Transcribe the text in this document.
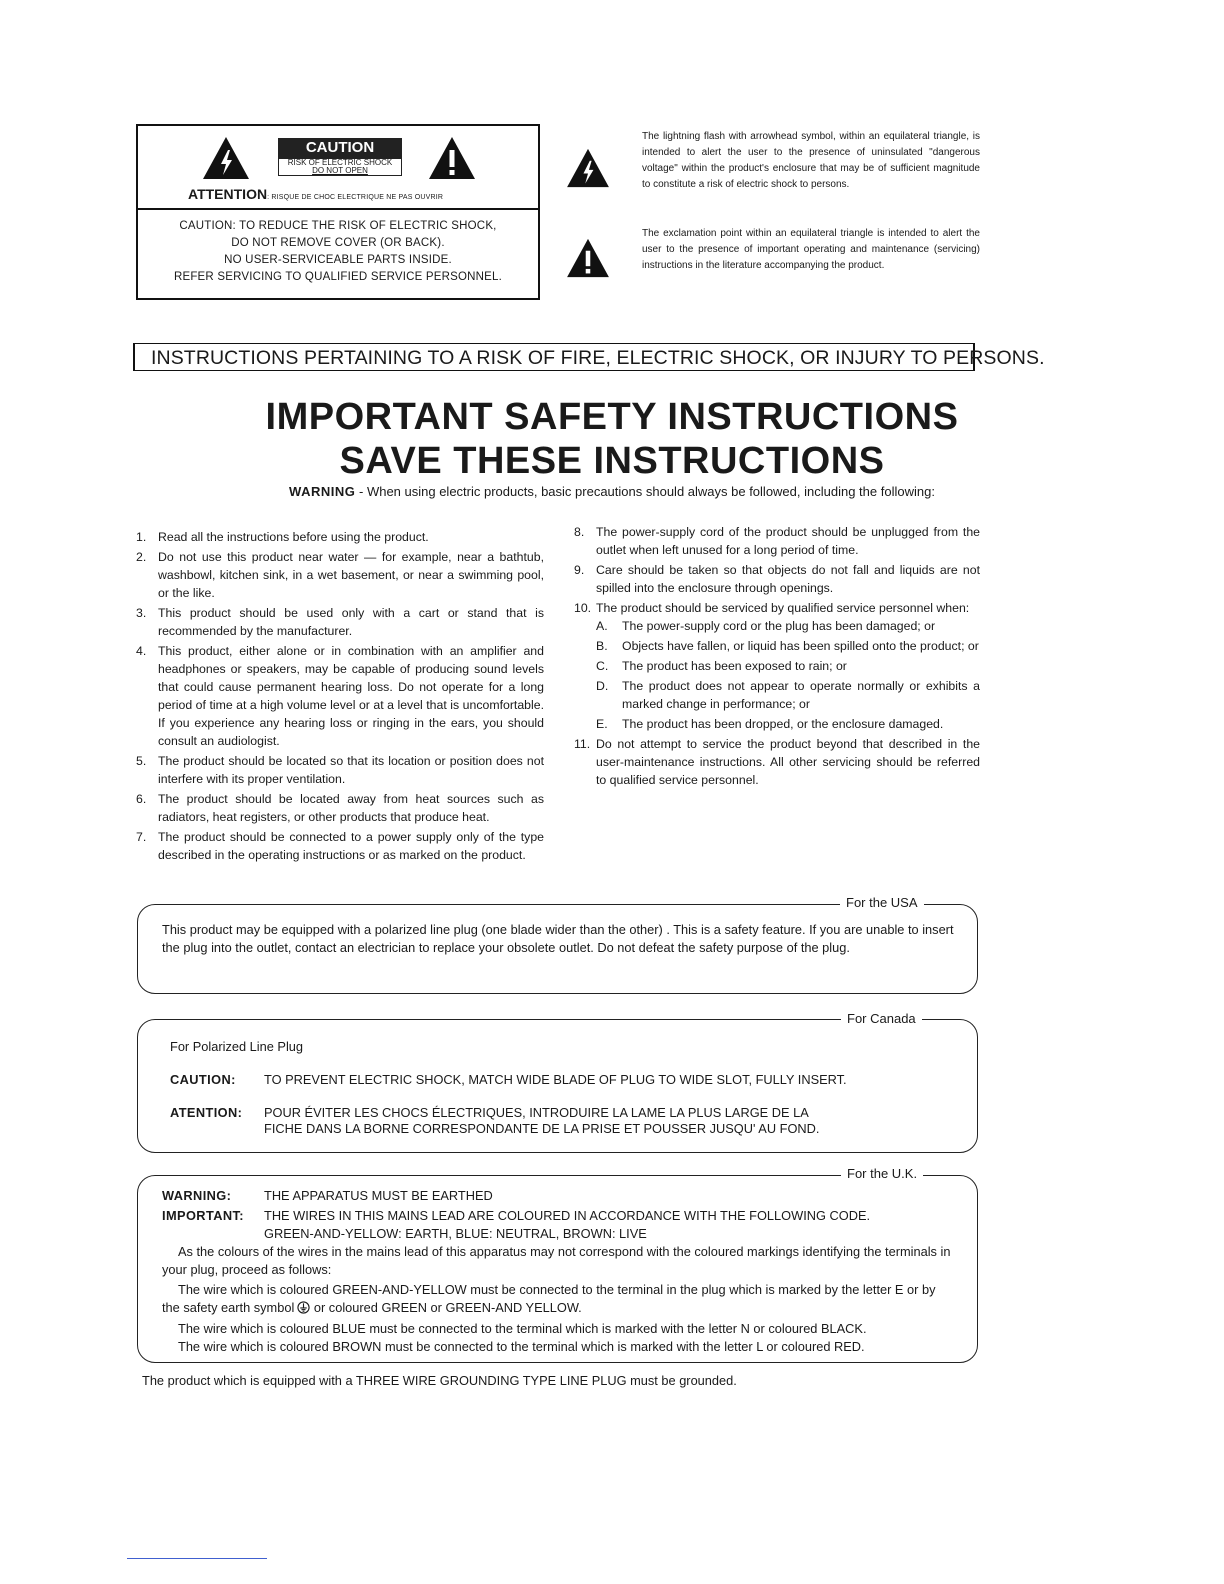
CAUTION
RISK OF ELECTRIC SHOCK
DO NOT OPEN
ATTENTION: RISQUE DE CHOC ELECTRIQUE NE PAS OUVRIR
CAUTION: TO REDUCE THE RISK OF ELECTRIC SHOCK,
DO NOT REMOVE COVER (OR BACK).
NO USER-SERVICEABLE PARTS INSIDE.
REFER SERVICING TO QUALIFIED SERVICE PERSONNEL.
The lightning flash with arrowhead symbol, within an equilateral triangle, is intended to alert the user to the presence of uninsulated "dangerous voltage" within the product's enclosure that may be of sufficient magnitude to constitute a risk of electric shock to persons.
The exclamation point within an equilateral triangle is intended to alert the user to the presence of important operating and maintenance (servicing) instructions in the literature accompanying the product.
INSTRUCTIONS PERTAINING TO A RISK OF FIRE, ELECTRIC SHOCK, OR INJURY TO PERSONS.
IMPORTANT SAFETY INSTRUCTIONS
SAVE THESE INSTRUCTIONS
WARNING - When using electric products, basic precautions should always be followed, including the following:
1. Read all the instructions before using the product.
2. Do not use this product near water — for example, near a bathtub, washbowl, kitchen sink, in a wet basement, or near a swimming pool, or the like.
3. This product should be used only with a cart or stand that is recommended by the manufacturer.
4. This product, either alone or in combination with an amplifier and headphones or speakers, may be capable of producing sound levels that could cause permanent hearing loss. Do not operate for a long period of time at a high volume level or at a level that is uncomfortable. If you experience any hearing loss or ringing in the ears, you should consult an audiologist.
5. The product should be located so that its location or position does not interfere with its proper ventilation.
6. The product should be located away from heat sources such as radiators, heat registers, or other products that produce heat.
7. The product should be connected to a power supply only of the type described in the operating instructions or as marked on the product.
8. The power-supply cord of the product should be unplugged from the outlet when left unused for a long period of time.
9. Care should be taken so that objects do not fall and liquids are not spilled into the enclosure through openings.
10. The product should be serviced by qualified service personnel when:
A. The power-supply cord or the plug has been damaged; or
B. Objects have fallen, or liquid has been spilled onto the product; or
C. The product has been exposed to rain; or
D. The product does not appear to operate normally or exhibits a marked change in performance; or
E. The product has been dropped, or the enclosure damaged.
11. Do not attempt to service the product beyond that described in the user-maintenance instructions. All other servicing should be referred to qualified service personnel.
This product may be equipped with a polarized line plug (one blade wider than the other) . This is a safety feature. If you are unable to insert the plug into the outlet, contact an electrician to replace your obsolete outlet. Do not defeat the safety purpose of the plug.
For the USA
For Polarized Line Plug
CAUTION: TO PREVENT ELECTRIC SHOCK, MATCH WIDE BLADE OF PLUG TO WIDE SLOT, FULLY INSERT.
ATENTION: POUR ÉVITER LES CHOCS ÉLECTRIQUES, INTRODUIRE LA LAME LA PLUS LARGE DE LA
FICHE DANS LA BORNE CORRESPONDANTE DE LA PRISE ET POUSSER JUSQU' AU FOND.
For Canada
WARNING:	THE APPARATUS MUST BE EARTHED
IMPORTANT: THE WIRES IN THIS MAINS LEAD ARE COLOURED IN ACCORDANCE WITH THE FOLLOWING CODE.
GREEN-AND-YELLOW: EARTH, BLUE: NEUTRAL, BROWN: LIVE
As the colours of the wires in the mains lead of this apparatus may not correspond with the coloured markings identifying the terminals in your plug, proceed as follows:
The wire which is coloured GREEN-AND-YELLOW must be connected to the terminal in the plug which is marked by the letter E or by the safety earth symbol or coloured GREEN or GREEN-AND YELLOW.
The wire which is coloured BLUE must be connected to the terminal which is marked with the letter N or coloured BLACK.
The wire which is coloured BROWN must be connected to the terminal which is marked with the letter L or coloured RED.
For the U.K.
The product which is equipped with a THREE WIRE GROUNDING TYPE LINE PLUG must be grounded.
